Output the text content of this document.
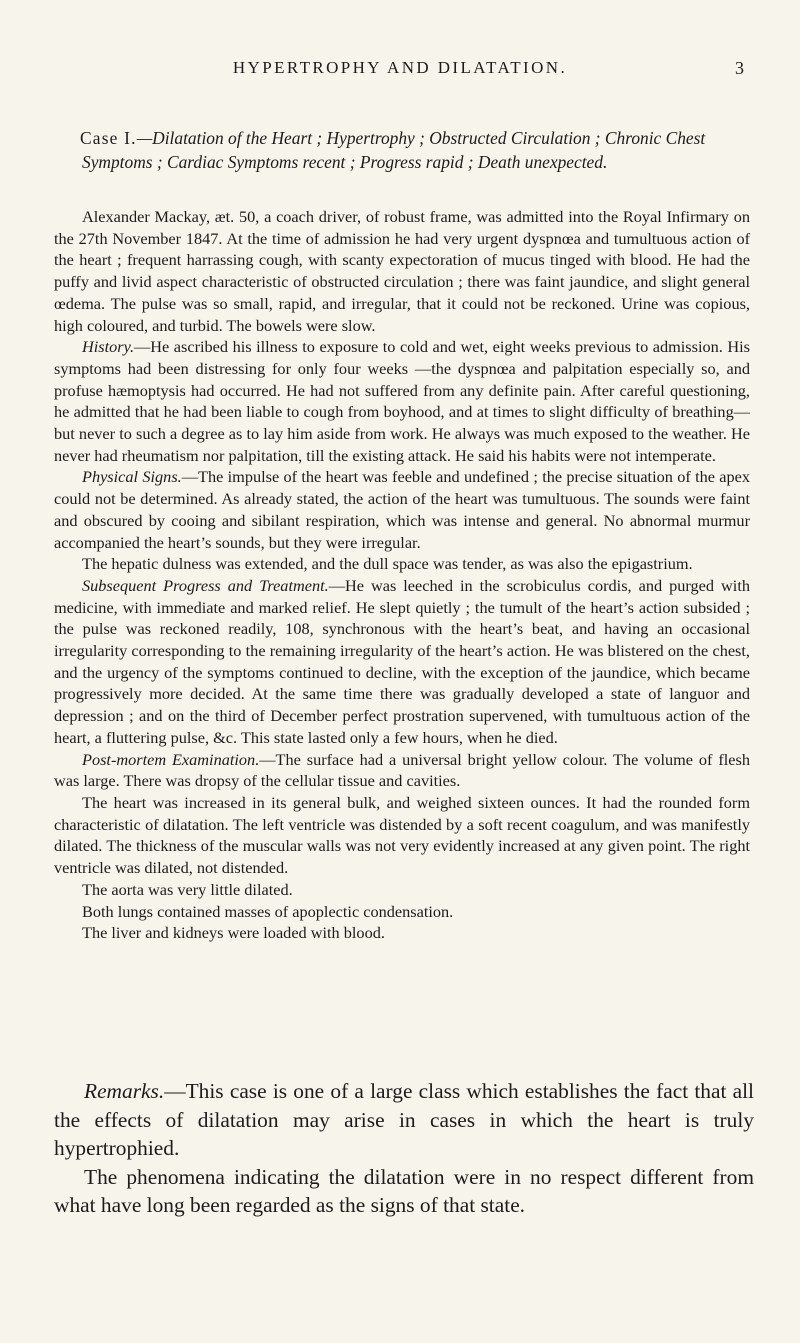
HYPERTROPHY AND DILATATION.	3
Case I.—Dilatation of the Heart ; Hypertrophy ; Obstructed Circulation ; Chronic Chest Symptoms ; Cardiac Symptoms recent ; Progress rapid ; Death unexpected.

Alexander Mackay, æt. 50, a coach driver, of robust frame, was admitted into the Royal Infirmary on the 27th November 1847. At the time of admission he had very urgent dyspnœa and tumultuous action of the heart ; frequent harrassing cough, with scanty expectoration of mucus tinged with blood. He had the puffy and livid aspect characteristic of obstructed circulation ; there was faint jaundice, and slight general œdema. The pulse was so small, rapid, and irregular, that it could not be reckoned. Urine was copious, high coloured, and turbid. The bowels were slow.

History.—He ascribed his illness to exposure to cold and wet, eight weeks previous to admission. His symptoms had been distressing for only four weeks —the dyspnœa and palpitation especially so, and profuse hæmoptysis had occurred. He had not suffered from any definite pain. After careful questioning, he admitted that he had been liable to cough from boyhood, and at times to slight difficulty of breathing—but never to such a degree as to lay him aside from work. He always was much exposed to the weather. He never had rheumatism nor palpitation, till the existing attack. He said his habits were not intemperate.

Physical Signs.—The impulse of the heart was feeble and undefined ; the precise situation of the apex could not be determined. As already stated, the action of the heart was tumultuous. The sounds were faint and obscured by cooing and sibilant respiration, which was intense and general. No abnormal murmur accompanied the heart’s sounds, but they were irregular.

The hepatic dulness was extended, and the dull space was tender, as was also the epigastrium.

Subsequent Progress and Treatment.—He was leeched in the scrobiculus cordis, and purged with medicine, with immediate and marked relief. He slept quietly ; the tumult of the heart’s action subsided ; the pulse was reckoned readily, 108, synchronous with the heart’s beat, and having an occasional irregularity corresponding to the remaining irregularity of the heart’s action. He was blistered on the chest, and the urgency of the symptoms continued to decline, with the exception of the jaundice, which became progressively more decided. At the same time there was gradually developed a state of languor and depression ; and on the third of December perfect prostration supervened, with tumultuous action of the heart, a fluttering pulse, &c. This state lasted only a few hours, when he died.

Post-mortem Examination.—The surface had a universal bright yellow colour. The volume of flesh was large. There was dropsy of the cellular tissue and cavities.

The heart was increased in its general bulk, and weighed sixteen ounces. It had the rounded form characteristic of dilatation. The left ventricle was distended by a soft recent coagulum, and was manifestly dilated. The thickness of the muscular walls was not very evidently increased at any given point. The right ventricle was dilated, not distended.

The aorta was very little dilated.

Both lungs contained masses of apoplectic condensation.

The liver and kidneys were loaded with blood.

Remarks.—This case is one of a large class which establishes the fact that all the effects of dilatation may arise in cases in which the heart is truly hypertrophied.

The phenomena indicating the dilatation were in no respect different from what have long been regarded as the signs of that state.
